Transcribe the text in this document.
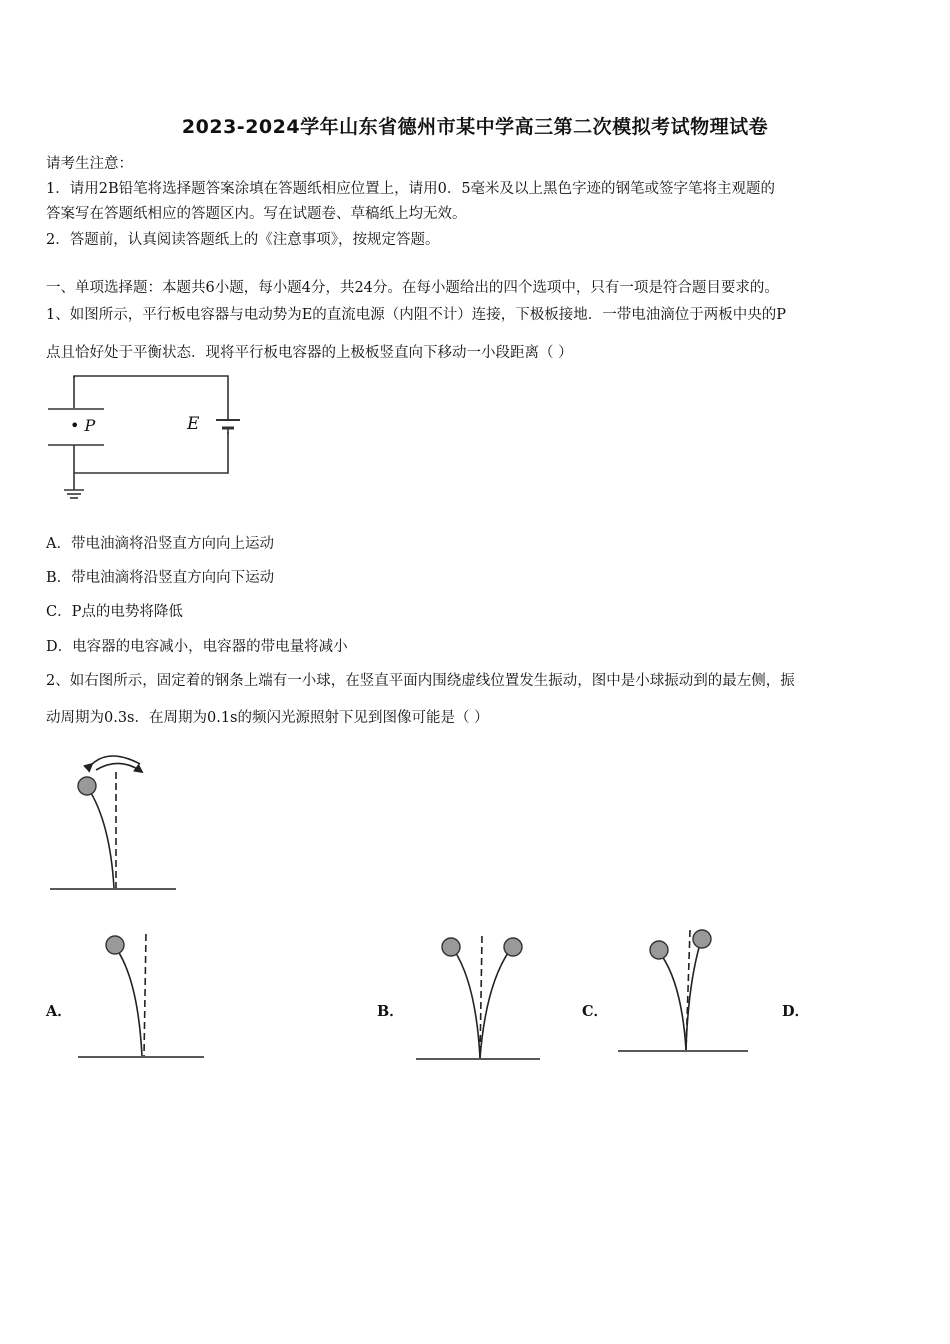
2023-2024学年山东省德州市某中学高三第二次模拟考试物理试卷
请考生注意：
1．请用2B铅笔将选择题答案涂填在答题纸相应位置上，请用0．5毫米及以上黑色字迹的钢笔或签字笔将主观题的
答案写在答题纸相应的答题区内。写在试题卷、草稿纸上均无效。
2．答题前，认真阅读答题纸上的《注意事项》，按规定答题。
一、单项选择题：本题共6小题，每小题4分，共24分。在每小题给出的四个选项中，只有一项是符合题目要求的。
1、如图所示，平行板电容器与电动势为E的直流电源（内阻不计）连接，下极板接地．一带电油滴位于两板中央的P
点且恰好处于平衡状态．现将平行板电容器的上极板竖直向下移动一小段距离（ ）
• P	E
A．带电油滴将沿竖直方向向上运动
B．带电油滴将沿竖直方向向下运动
C．P点的电势将降低
D．电容器的电容减小，电容器的带电量将减小
2、如右图所示，固定着的钢条上端有一小球，在竖直平面内围绕虚线位置发生振动，图中是小球振动到的最左侧，振
动周期为0.3s．在周期为0.1s的频闪光源照射下见到图像可能是（ ）
A．	B．	C．	D．
